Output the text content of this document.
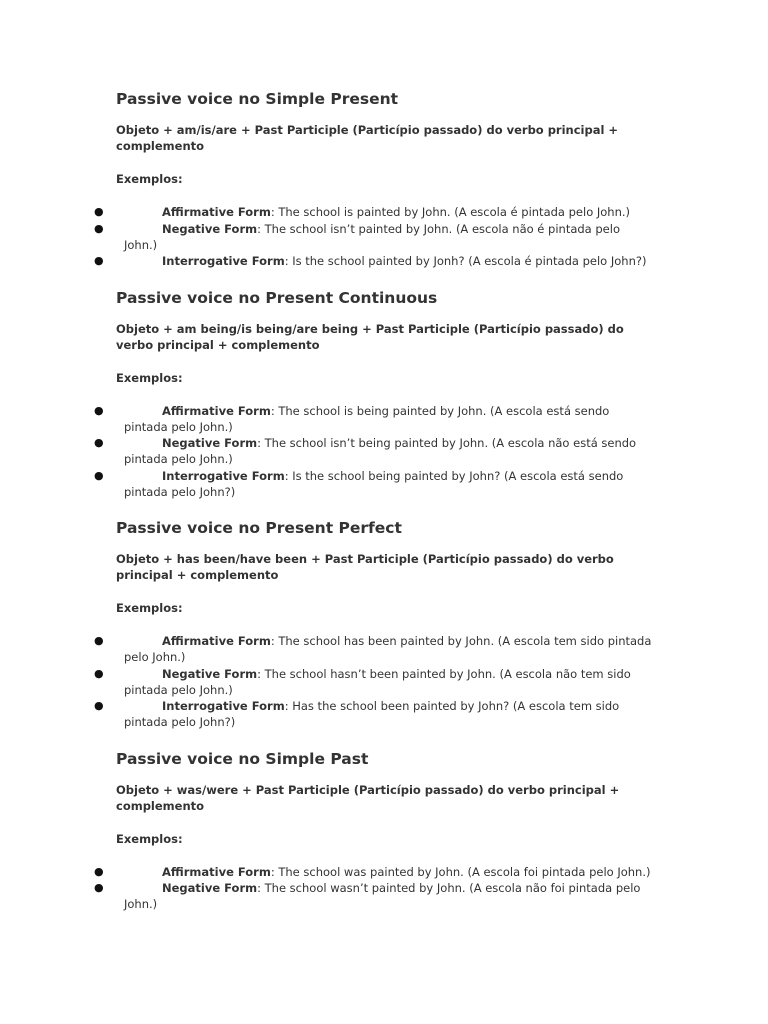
Passive voice no Simple Present

Objeto + am/is/are + Past Participle (Particípio passado) do verbo principal + complemento

Exemplos:

●	Affirmative Form: The school is painted by John. (A escola é pintada pelo John.)
●	Negative Form: The school isn’t painted by John. (A escola não é pintada pelo John.)
●	Interrogative Form: Is the school painted by Jonh? (A escola é pintada pelo John?)
Passive voice no Present Continuous

Objeto + am being/is being/are being + Past Participle (Particípio passado) do verbo principal + complemento

Exemplos:

●	Affirmative Form: The school is being painted by John. (A escola está sendo pintada pelo John.)
●	Negative Form: The school isn’t being painted by John. (A escola não está sendo pintada pelo John.)
●	Interrogative Form: Is the school being painted by John? (A escola está sendo pintada pelo John?)
Passive voice no Present Perfect

Objeto + has been/have been + Past Participle (Particípio passado) do verbo principal + complemento

Exemplos:

●	Affirmative Form: The school has been painted by John. (A escola tem sido pintada pelo John.)
●	Negative Form: The school hasn’t been painted by John. (A escola não tem sido pintada pelo John.)
●	Interrogative Form: Has the school been painted by John? (A escola tem sido pintada pelo John?)
Passive voice no Simple Past

Objeto + was/were + Past Participle (Particípio passado) do verbo principal + complemento

Exemplos:

●	Affirmative Form: The school was painted by John. (A escola foi pintada pelo John.)
●	Negative Form: The school wasn’t painted by John. (A escola não foi pintada pelo John.)
